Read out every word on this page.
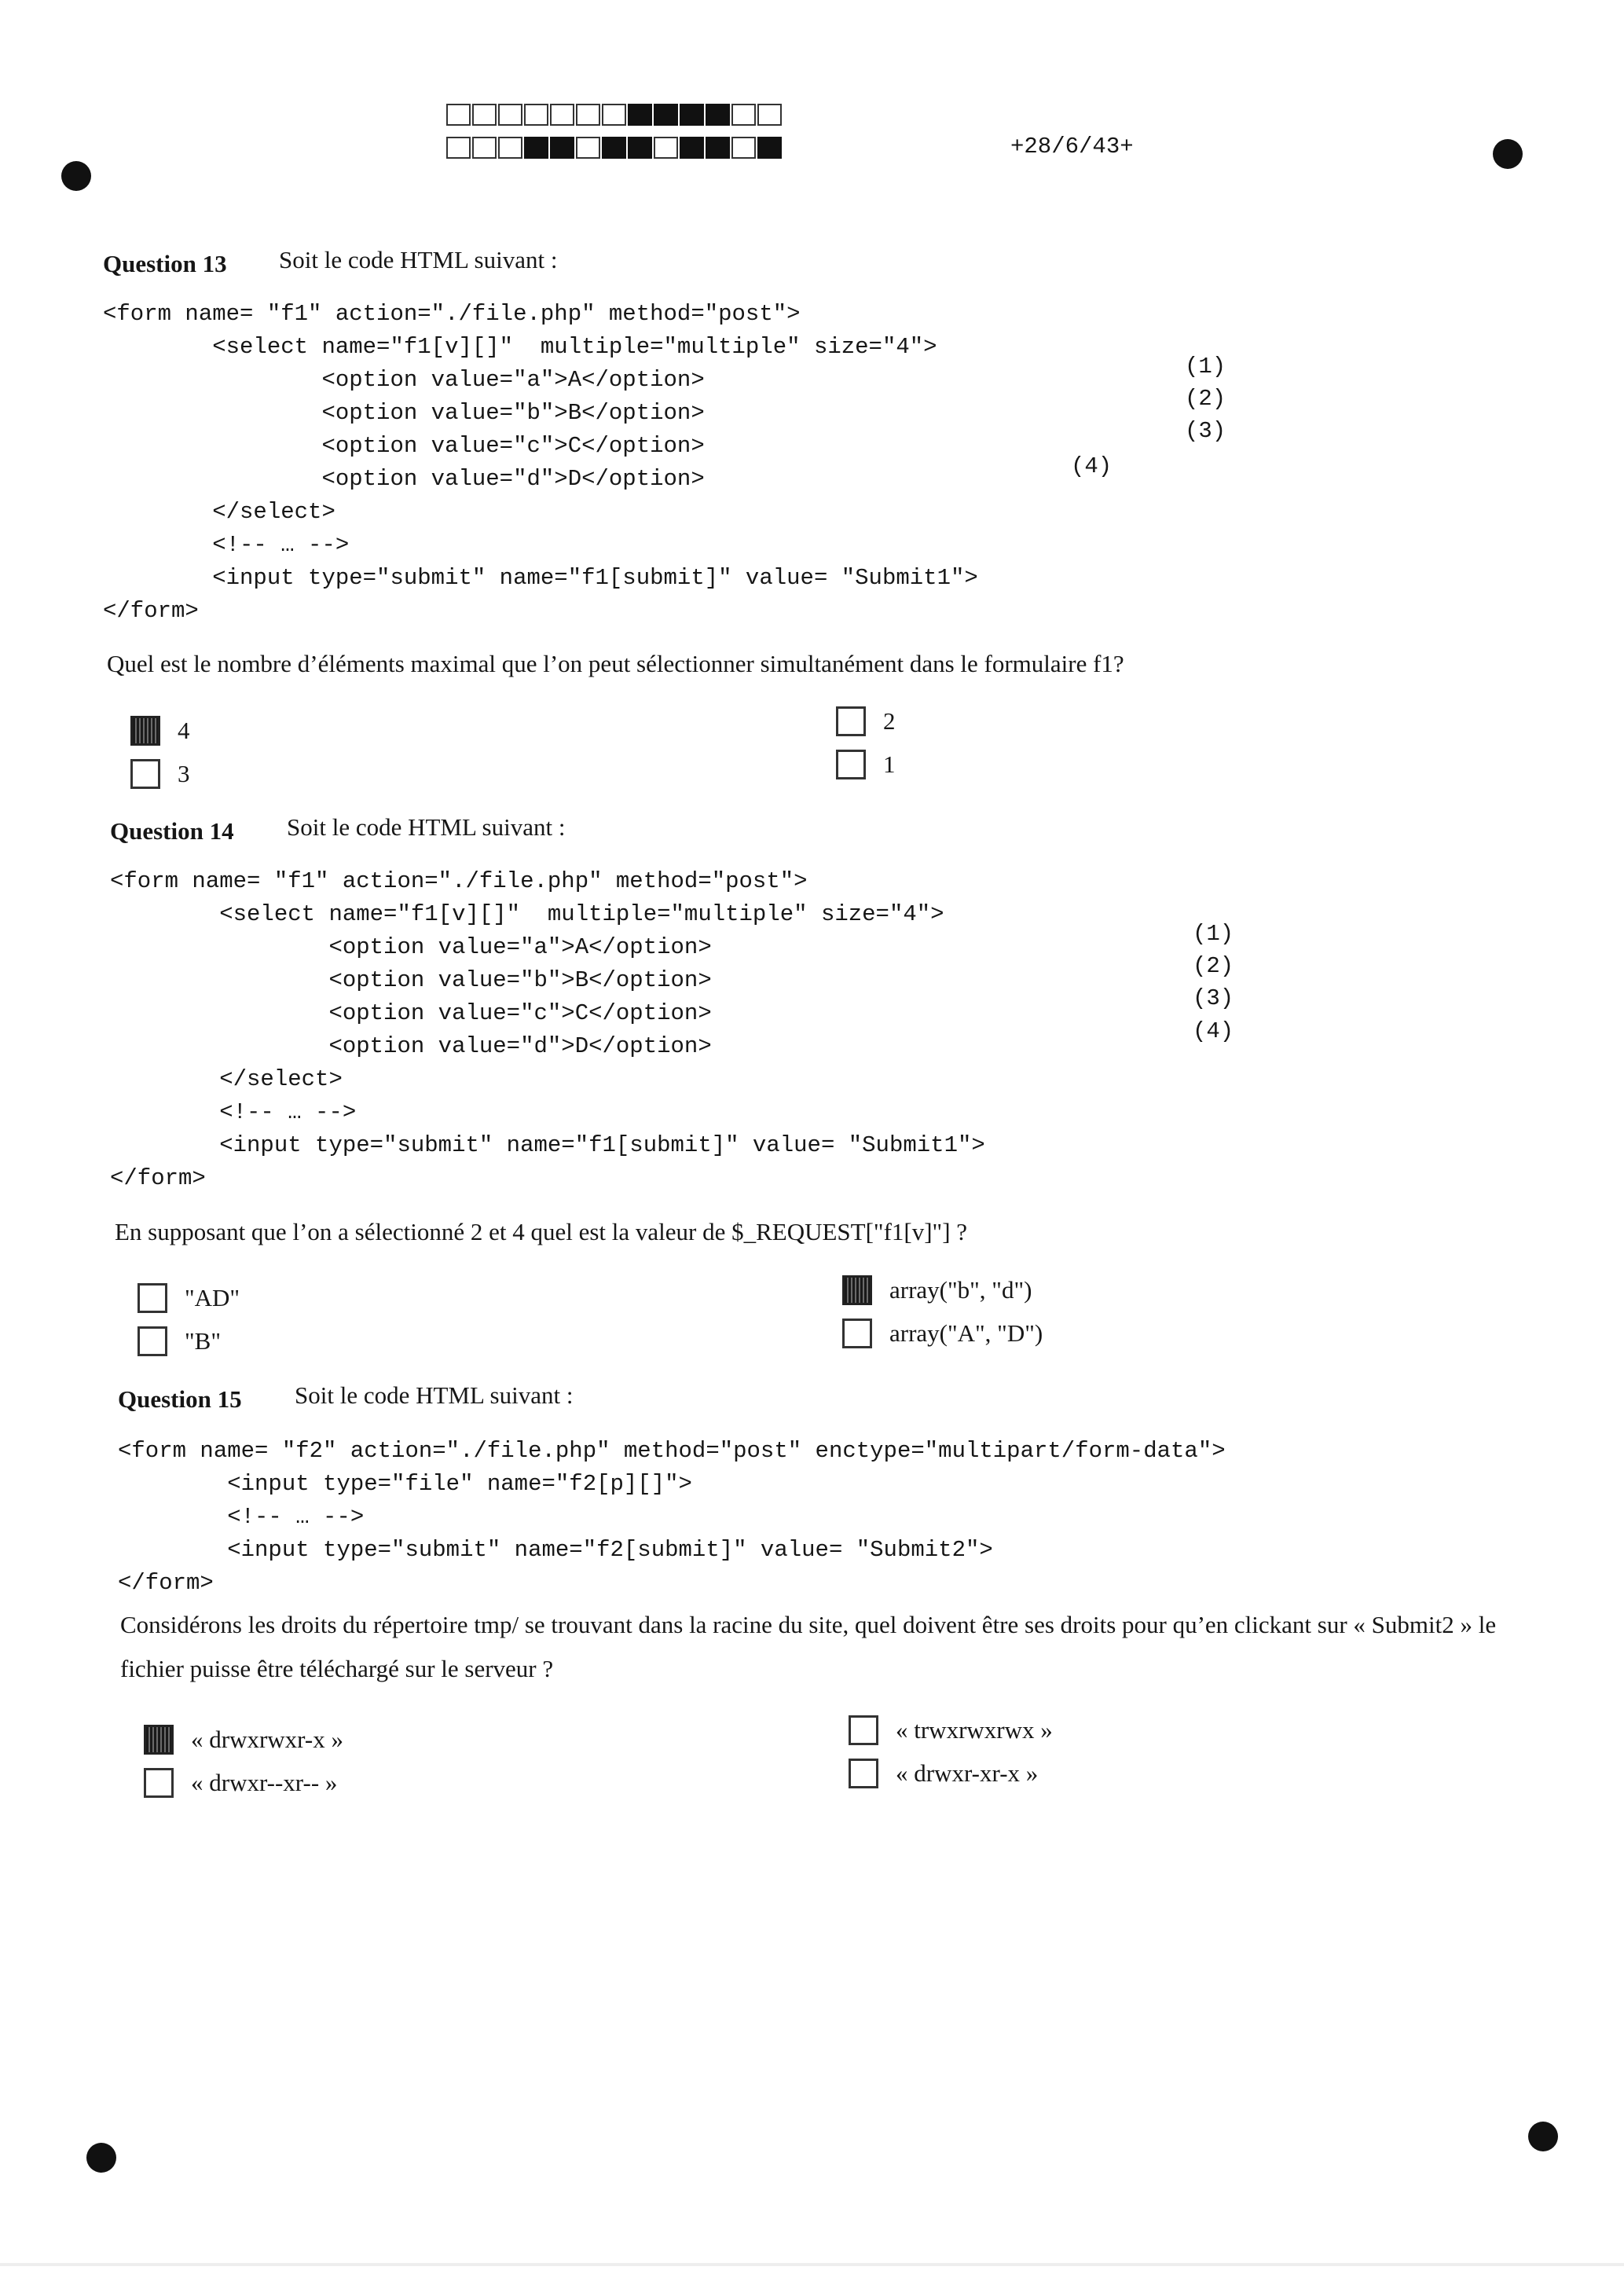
+28/6/43+
Question 13 Soit le code HTML suivant :
<form name= "f1" action="./file.php" method="post">
<select name="f1[v][]"  multiple="multiple" size="4">
<option value="a">A</option>
<option value="b">B</option>
<option value="c">C</option>
<option value="d">D</option>
</select>
<!-- … -->
<input type="submit" name="f1[submit]" value= "Submit1">
</form>
(1)
(2)
(3)
(4)
Quel est le nombre d’éléments maximal que l’on peut sélectionner simultanément dans le formulaire f1?
4
3
2
1
Question 14 Soit le code HTML suivant :
<form name= "f1" action="./file.php" method="post">
<select name="f1[v][]"  multiple="multiple" size="4">
<option value="a">A</option>
<option value="b">B</option>
<option value="c">C</option>
<option value="d">D</option>
</select>
<!-- … -->
<input type="submit" name="f1[submit]" value= "Submit1">
</form>
(1)
(2)
(3)
(4)
En supposant que l’on a sélectionné 2 et 4 quel est la valeur de $_REQUEST["f1[v]"] ?
"AD"
"B"
array("b", "d")
array("A", "D")
Question 15 Soit le code HTML suivant :
<form name= "f2" action="./file.php" method="post" enctype="multipart/form-data">
<input type="file" name="f2[p][]">
<!-- … -->
<input type="submit" name="f2[submit]" value= "Submit2">
</form>
Considérons les droits du répertoire tmp/ se trouvant dans la racine du site, quel doivent être ses droits pour qu’en clickant sur « Submit2 » le fichier puisse être téléchargé sur le serveur ?
« drwxrwxr-x »
« drwxr--xr-- »
« trwxrwxrwx »
« drwxr-xr-x »
